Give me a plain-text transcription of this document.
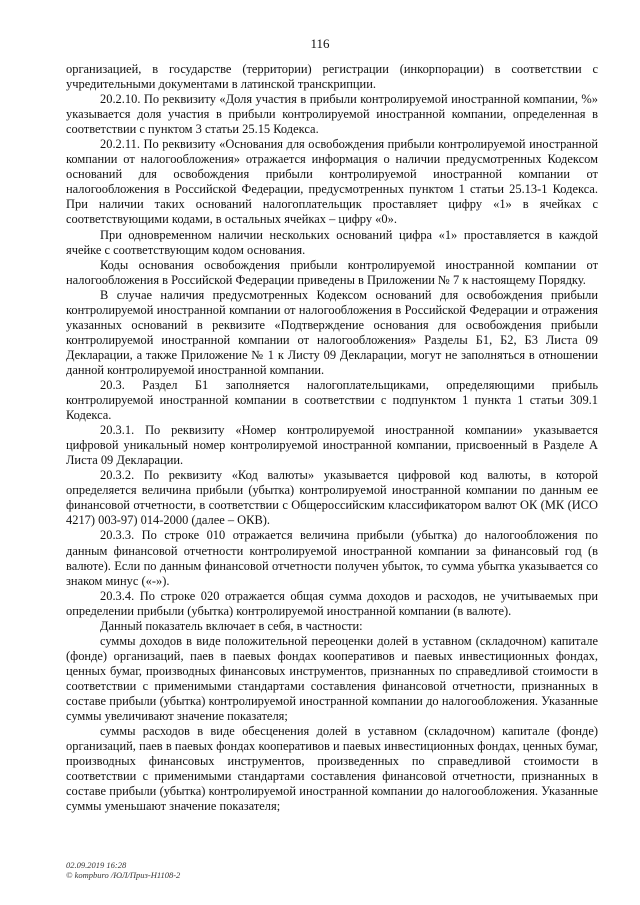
116

организацией, в государстве (территории) регистрации (инкорпорации) в соответствии с учредительными документами в латинской транскрипции.

20.2.10. По реквизиту «Доля участия в прибыли контролируемой иностранной компании, %» указывается доля участия в прибыли контролируемой иностранной компании, определенная в соответствии с пунктом 3 статьи 25.15 Кодекса.

20.2.11. По реквизиту «Основания для освобождения прибыли контролируемой иностранной компании от налогообложения» отражается информация о наличии предусмотренных Кодексом оснований для освобождения прибыли контролируемой иностранной компании от налогообложения в Российской Федерации, предусмотренных пунктом 1 статьи 25.13-1 Кодекса. При наличии таких оснований налогоплательщик проставляет цифру «1» в ячейках с соответствующими кодами, в остальных ячейках – цифру «0».

При одновременном наличии нескольких оснований цифра «1» проставляется в каждой ячейке с соответствующим кодом основания.

Коды основания освобождения прибыли контролируемой иностранной компании от налогообложения в Российской Федерации приведены в Приложении № 7 к настоящему Порядку.

В случае наличия предусмотренных Кодексом оснований для освобождения прибыли контролируемой иностранной компании от налогообложения в Российской Федерации и отражения указанных оснований в реквизите «Подтверждение основания для освобождения прибыли контролируемой иностранной компании от налогообложения» Разделы Б1, Б2, Б3 Листа 09 Декларации, а также Приложение № 1 к Листу 09 Декларации, могут не заполняться в отношении данной контролируемой иностранной компании.

20.3. Раздел Б1 заполняется налогоплательщиками, определяющими прибыль контролируемой иностранной компании в соответствии с подпунктом 1 пункта 1 статьи 309.1 Кодекса.

20.3.1. По реквизиту «Номер контролируемой иностранной компании» указывается цифровой уникальный номер контролируемой иностранной компании, присвоенный в Разделе А Листа 09 Декларации.

20.3.2. По реквизиту «Код валюты» указывается цифровой код валюты, в которой определяется величина прибыли (убытка) контролируемой иностранной компании по данным ее финансовой отчетности, в соответствии с Общероссийским классификатором валют ОК (МК (ИСО 4217) 003-97) 014-2000 (далее – ОКВ).

20.3.3. По строке 010 отражается величина прибыли (убытка) до налогообложения по данным финансовой отчетности контролируемой иностранной компании за финансовый год (в валюте). Если по данным финансовой отчетности получен убыток, то сумма убытка указывается со знаком минус («-»).

20.3.4. По строке 020 отражается общая сумма доходов и расходов, не учитываемых при определении прибыли (убытка) контролируемой иностранной компании (в валюте).

Данный показатель включает в себя, в частности:

суммы доходов в виде положительной переоценки долей в уставном (складочном) капитале (фонде) организаций, паев в паевых фондах кооперативов и паевых инвестиционных фондах, ценных бумаг, производных финансовых инструментов, признанных по справедливой стоимости в соответствии с применимыми стандартами составления финансовой отчетности, признанных в составе прибыли (убытка) контролируемой иностранной компании до налогообложения. Указанные суммы увеличивают значение показателя;

суммы расходов в виде обесценения долей в уставном (складочном) капитале (фонде) организаций, паев в паевых фондах кооперативов и паевых инвестиционных фондах, ценных бумаг, производных финансовых инструментов, произведенных по справедливой стоимости в соответствии с применимыми стандартами составления финансовой отчетности, признанных в составе прибыли (убытка) контролируемой иностранной компании до налогообложения. Указанные суммы уменьшают значение показателя;

02.09.2019 16:28
© kompburo /ЮЛ/Приз-Н1108-2
